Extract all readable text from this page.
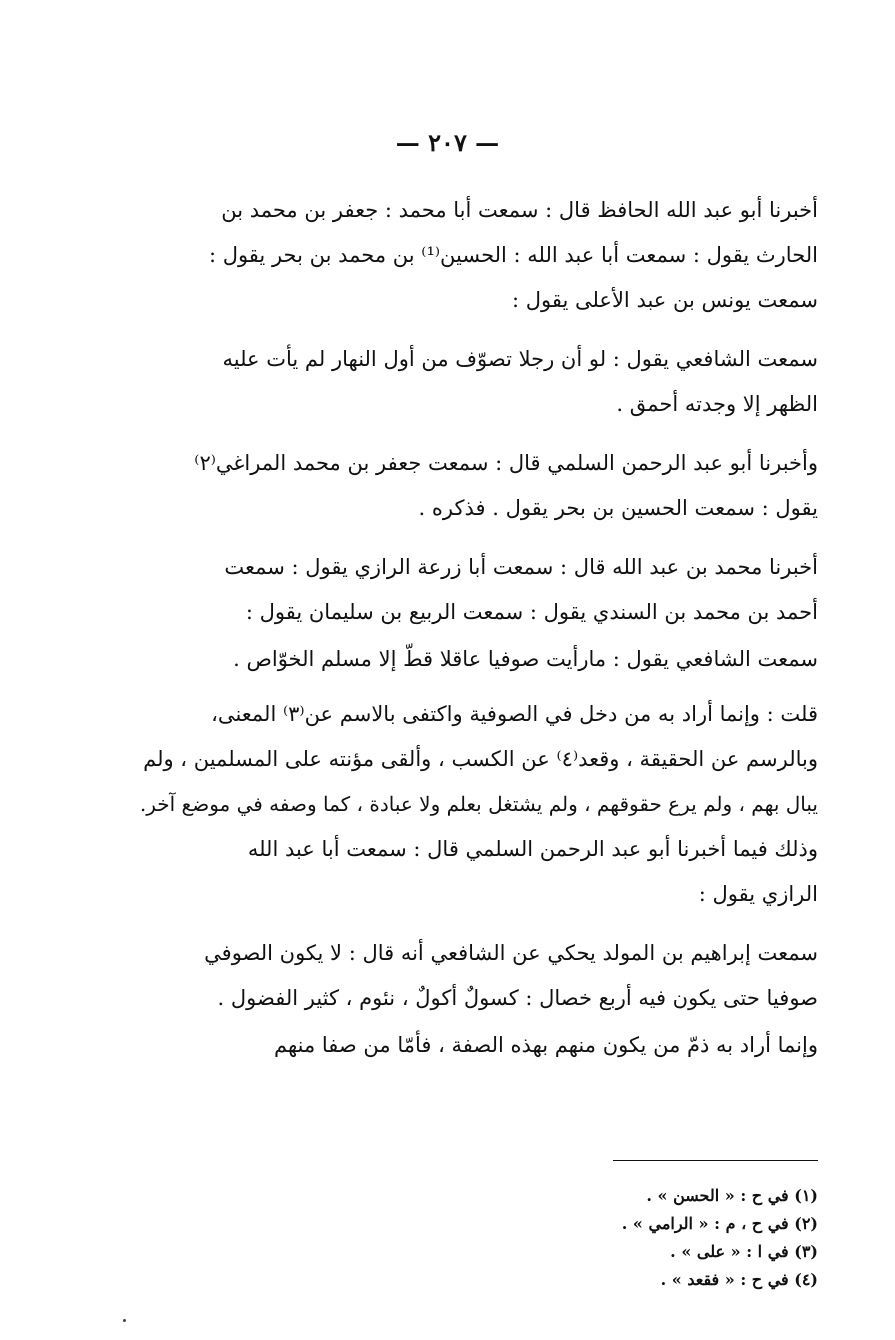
— ٢٠٧ —
أخبرنا أبو عبد الله الحافظ قال : سمعت أبا محمد : جعفر بن محمد بن
الحارث يقول : سمعت أبا عبد الله : الحسين⁽¹⁾ بن محمد بن بحر يقول :
سمعت يونس بن عبد الأعلى يقول :
سمعت الشافعي يقول : لو أن رجلا تصوّف من أول النهار لم يأت عليه
الظهر إلا وجدته أحمق .
وأخبرنا أبو عبد الرحمن السلمي قال : سمعت جعفر بن محمد المراغي⁽٢⁾
يقول : سمعت الحسين بن بحر يقول . فذكره .
أخبرنا محمد بن عبد الله قال : سمعت أبا زرعة الرازي يقول : سمعت
أحمد بن محمد بن السندي يقول : سمعت الربيع بن سليمان يقول :
سمعت الشافعي يقول : مارأيت صوفيا عاقلا قطّ إلا مسلم الخوّاص .
قلت : وإنما أراد به من دخل في الصوفية واكتفى بالاسم عن⁽٣⁾ المعنى،
وبالرسم عن الحقيقة ، وقعد⁽٤⁾ عن الكسب ، وألقى مؤنته على المسلمين ، ولم
يبال بهم ، ولم يرع حقوقهم ، ولم يشتغل بعلم ولا عبادة ، كما وصفه في موضع آخر.
وذلك فيما أخبرنا أبو عبد الرحمن السلمي قال : سمعت أبا عبد الله
الرازي يقول :
سمعت إبراهيم بن المولد يحكي عن الشافعي أنه قال : لا يكون الصوفي
صوفيا حتى يكون فيه أربع خصال : كسولٌ أكولٌ ، نئوم ، كثير الفضول .
وإنما أراد به ذمّ من يكون منهم بهذه الصفة ، فأمّا من صفا منهم
(١) في ح : « الحسن » .
(٢) في ح ، م : « الرامي » .
(٣) في ا : « على » .
(٤) في ح : « فقعد » .
